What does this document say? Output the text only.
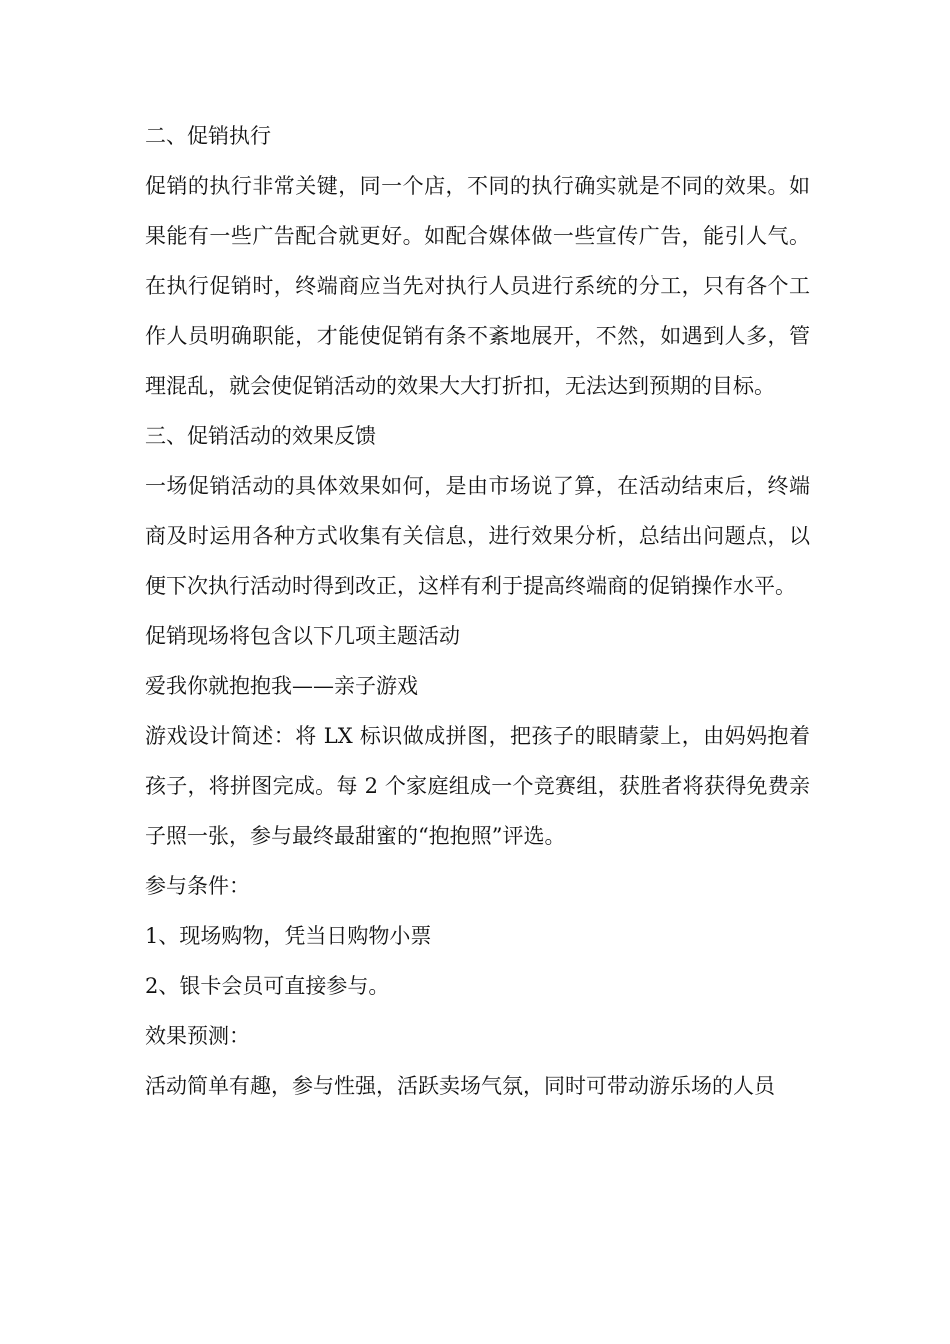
二、促销执行

促销的执行非常关键，同一个店，不同的执行确实就是不同的效果。如果能有一些广告配合就更好。如配合媒体做一些宣传广告，能引人气。在执行促销时，终端商应当先对执行人员进行系统的分工，只有各个工作人员明确职能，才能使促销有条不紊地展开，不然，如遇到人多，管理混乱，就会使促销活动的效果大大打折扣，无法达到预期的目标。

三、促销活动的效果反馈

一场促销活动的具体效果如何，是由市场说了算，在活动结束后，终端商及时运用各种方式收集有关信息，进行效果分析，总结出问题点，以便下次执行活动时得到改正，这样有利于提高终端商的促销操作水平。

促销现场将包含以下几项主题活动

爱我你就抱抱我——亲子游戏

游戏设计简述：将 LX 标识做成拼图，把孩子的眼睛蒙上，由妈妈抱着孩子，将拼图完成。每 2 个家庭组成一个竞赛组，获胜者将获得免费亲子照一张，参与最终最甜蜜的“抱抱照”评选。

参与条件：

1、现场购物，凭当日购物小票

2、银卡会员可直接参与。

效果预测：

活动简单有趣，参与性强，活跃卖场气氛，同时可带动游乐场的人员
